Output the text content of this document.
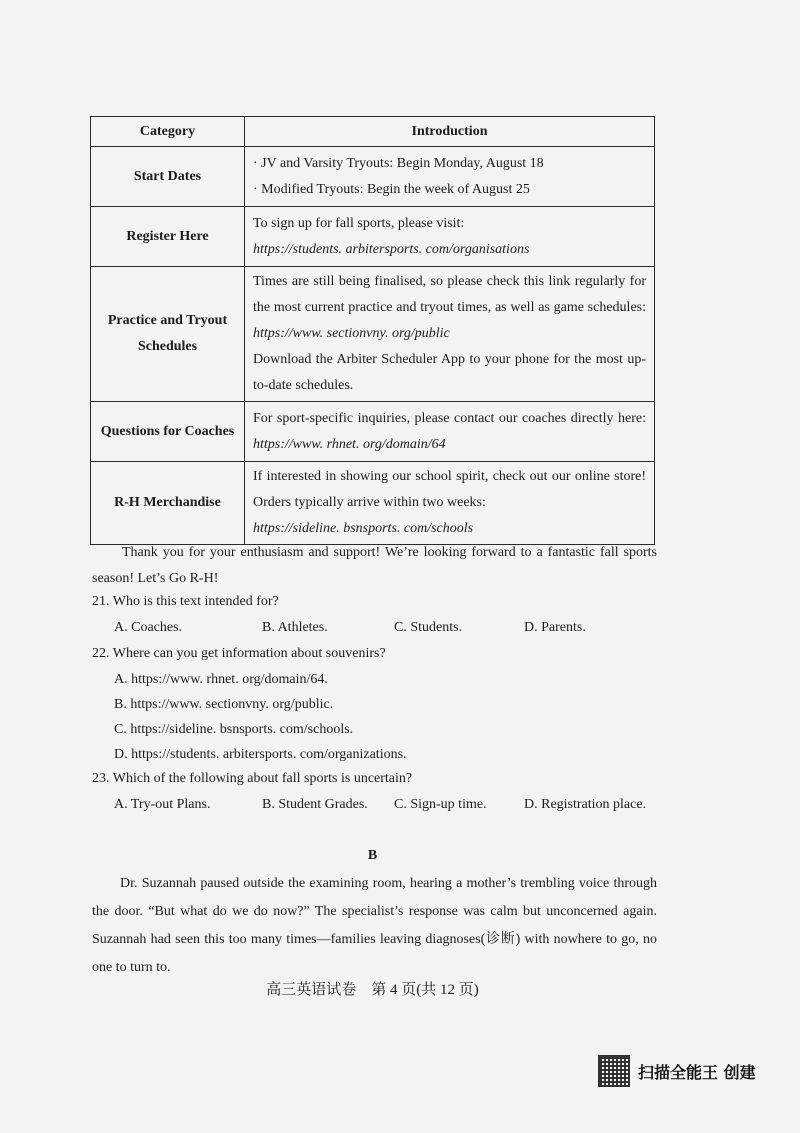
Category	Introduction
Start Dates	· JV and Varsity Tryouts: Begin Monday, August 18
· Modified Tryouts: Begin the week of August 25

Register Here	To sign up for fall sports, please visit:
https://students. arbitersports. com/organisations

Practice and Tryout Schedules	Times are still being finalised, so please check this link regularly for the most current practice and tryout times, as well as game schedules: https://www. sectionvny. org/public
Download the Arbiter Scheduler App to your phone for the most up-to-date schedules.

Questions for Coaches	For sport-specific inquiries, please contact our coaches directly here: https://www. rhnet. org/domain/64

R-H Merchandise	If interested in showing our school spirit, check out our online store! Orders typically arrive within two weeks:
https://sideline. bsnsports. com/schools
Thank you for your enthusiasm and support! We’re looking forward to a fantastic fall sports season! Let’s Go R-H!
21. Who is this text intended for?
A. Coaches.	B. Athletes.	C. Students.	D. Parents.
22. Where can you get information about souvenirs?
A. https://www. rhnet. org/domain/64.
B. https://www. sectionvny. org/public.
C. https://sideline. bsnsports. com/schools.
D. https://students. arbitersports. com/organizations.
23. Which of the following about fall sports is uncertain?
A. Try-out Plans.	B. Student Grades. C. Sign-up time.	D. Registration place.
B
Dr. Suzannah paused outside the examining room, hearing a mother’s trembling voice through the door. “But what do we do now?” The specialist’s response was calm but unconcerned again. Suzannah had seen this too many times—families leaving diagnoses(诊断) with nowhere to go, no one to turn to.
高三英语试卷　第 4 页(共 12 页)
扫描全能王 创建
